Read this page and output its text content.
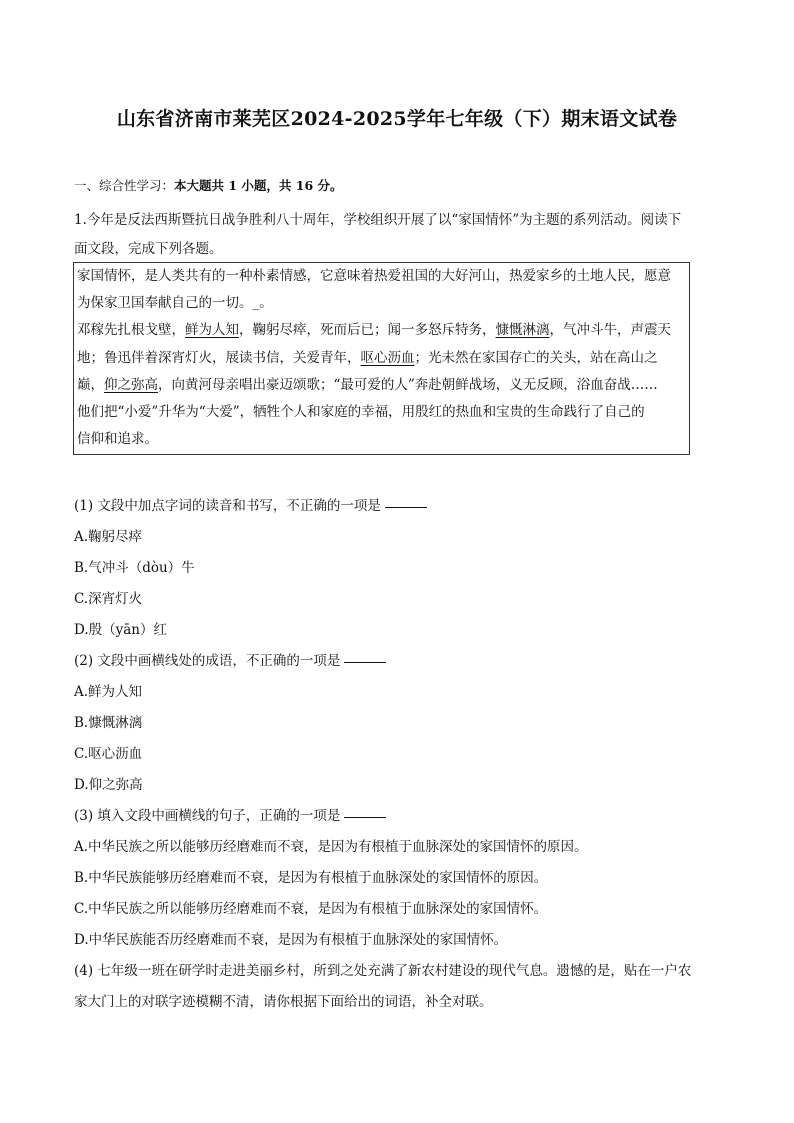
山东省济南市莱芜区2024-2025学年七年级（下）期末语文试卷
一、综合性学习：本大题共 1 小题，共 16 分。
1.今年是反法西斯暨抗日战争胜利八十周年，学校组织开展了以“家国情怀”为主题的系列活动。阅读下
面文段，完成下列各题。
家国情怀，是人类共有的一种朴素情感，它意味着热爱祖国的大好河山，热爱家乡的土地人民，愿意
为保家卫国奉献自己的一切。_。
邓稼先扎根戈壁，鲜为人知，鞠躬尽瘁，死而后已；闻一多怒斥特务，慷慨淋漓，气冲斗牛，声震天
地；鲁迅伴着深宵灯火，展读书信，关爱青年，呕心沥血；光未然在家国存亡的关头，站在高山之
巅，仰之弥高，向黄河母亲唱出豪迈颂歌；“最可爱的人”奔赴朝鲜战场，义无反顾，浴血奋战……
他们把“小爱”升华为“大爱”，牺牲个人和家庭的幸福，用殷红的热血和宝贵的生命践行了自己的
信仰和追求。
(1) 文段中加点字词的读音和书写，不正确的一项是
A.鞠躬尽瘁
B.气冲斗（dòu）牛
C.深宵灯火
D.殷（yān）红
(2) 文段中画横线处的成语，不正确的一项是
A.鲜为人知
B.慷慨淋漓
C.呕心沥血
D.仰之弥高
(3) 填入文段中画横线的句子，正确的一项是
A.中华民族之所以能够历经磨难而不衰，是因为有根植于血脉深处的家国情怀的原因。
B.中华民族能够历经磨难而不衰，是因为有根植于血脉深处的家国情怀的原因。
C.中华民族之所以能够历经磨难而不衰，是因为有根植于血脉深处的家国情怀。
D.中华民族能否历经磨难而不衰，是因为有根植于血脉深处的家国情怀。
(4) 七年级一班在研学时走进美丽乡村，所到之处充满了新农村建设的现代气息。遗憾的是，贴在一户农
家大门上的对联字迹模糊不清，请你根据下面给出的词语，补全对联。
